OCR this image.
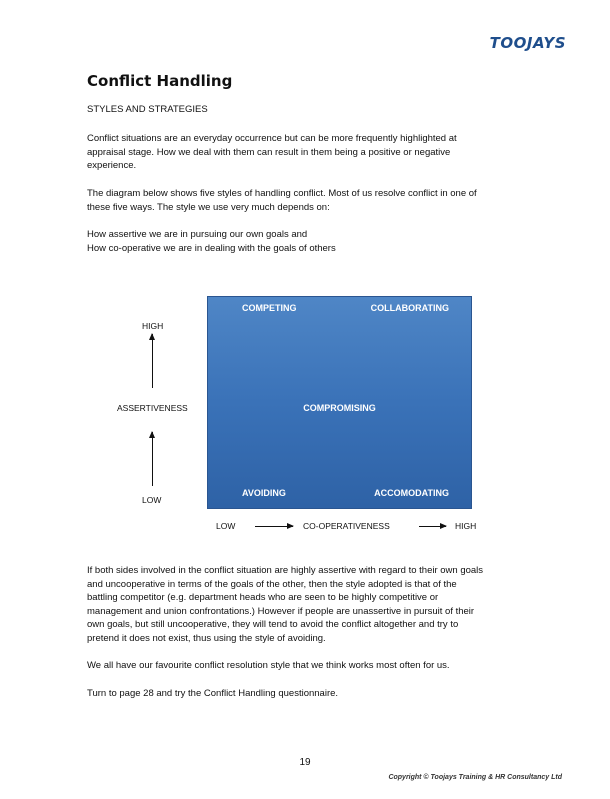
TOOJAYS
Conflict Handling
STYLES AND STRATEGIES

Conflict situations are an everyday occurrence but can be more frequently highlighted at
appraisal stage. How we deal with them can result in them being a positive or negative
experience.

The diagram below shows five styles of handling conflict. Most of us resolve conflict in one of
these five ways. The style we use very much depends on:

How assertive we are in pursuing our own goals and
How co-operative we are in dealing with the goals of others

COMPETING	COLLABORATING
COMPROMISING
AVOIDING	ACCOMODATING
HIGH
ASSERTIVENESS
LOW
LOW	CO-OPERATIVENESS	HIGH

If both sides involved in the conflict situation are highly assertive with regard to their own goals
and uncooperative in terms of the goals of the other, then the style adopted is that of the
battling competitor (e.g. department heads who are seen to be highly competitive or
management and union confrontations.) However if people are unassertive in pursuit of their
own goals, but still uncooperative, they will tend to avoid the conflict altogether and try to
pretend it does not exist, thus using the style of avoiding.

We all have our favourite conflict resolution style that we think works most often for us.

Turn to page 28 and try the Conflict Handling questionnaire.

19
Copyright © Toojays Training & HR Consultancy Ltd
